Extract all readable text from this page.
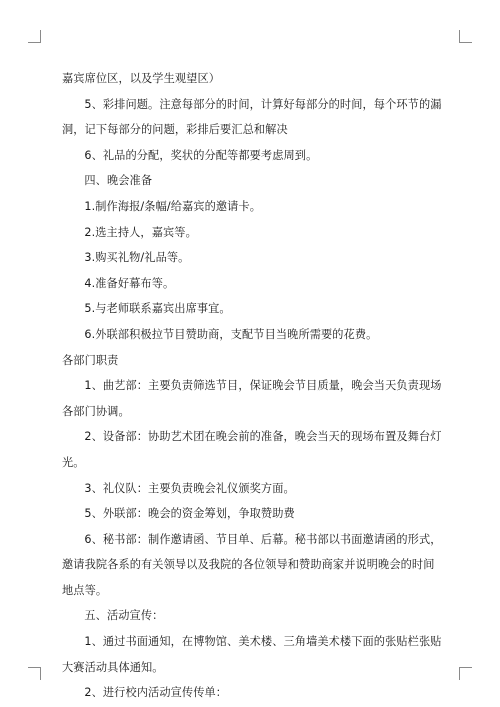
嘉宾席位区，以及学生观望区）

5、彩排问题。注意每部分的时间，计算好每部分的时间，每个环节的漏洞，记下每部分的问题，彩排后要汇总和解决

6、礼品的分配，奖状的分配等都要考虑周到。

四、晚会准备

1.制作海报/条幅/给嘉宾的邀请卡。

2.选主持人，嘉宾等。

3.购买礼物/礼品等。

4.准备好幕布等。

5.与老师联系嘉宾出席事宜。

6.外联部积极拉节目赞助商，支配节目当晚所需要的花费。

各部门职责

1、曲艺部：主要负责筛选节目，保证晚会节目质量，晚会当天负责现场各部门协调。

2、设备部：协助艺术团在晚会前的准备，晚会当天的现场布置及舞台灯光。

3、礼仪队：主要负责晚会礼仪颁奖方面。

5、外联部：晚会的资金筹划，争取赞助费

6、秘书部：制作邀请函、节目单、后幕。秘书部以书面邀请函的形式，邀请我院各系的有关领导以及我院的各位领导和赞助商家并说明晚会的时间地点等。

五、活动宣传：

1、通过书面通知，在博物馆、美术楼、三角墙美术楼下面的张贴栏张贴大赛活动具体通知。

2、进行校内活动宣传传单：
